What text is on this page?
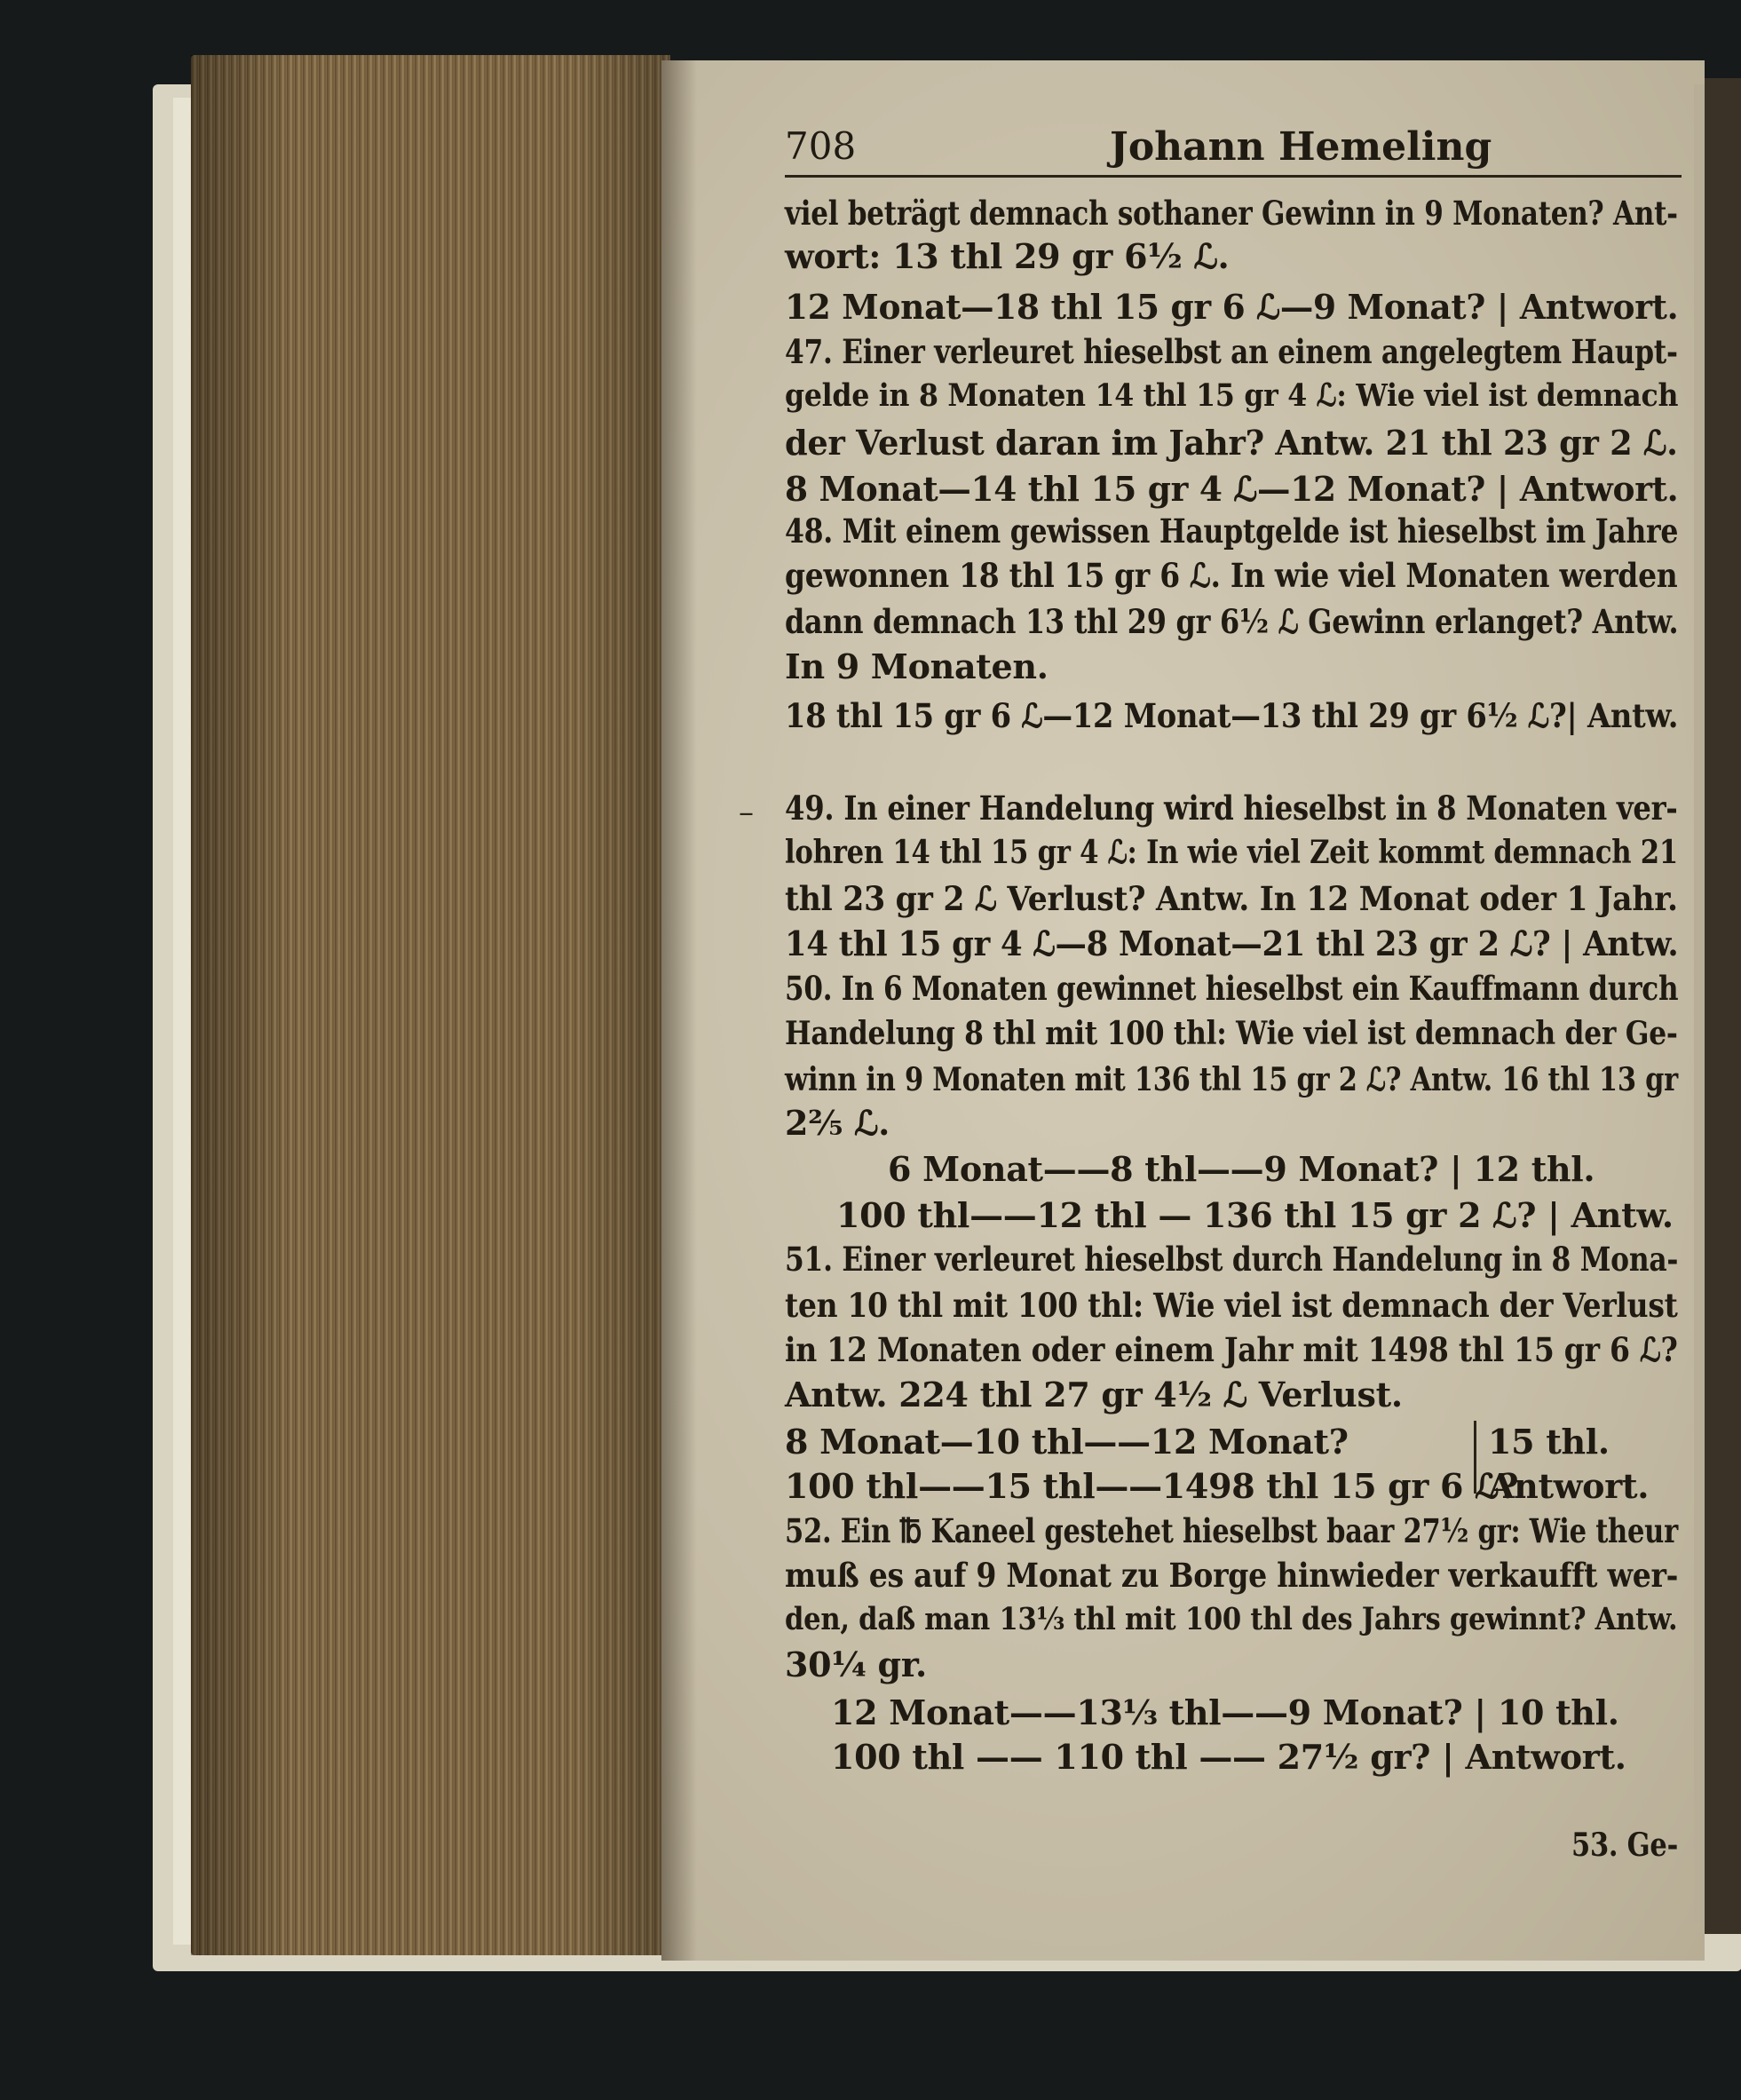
708	Johann Hemeling
viel beträgt demnach sothaner Gewinn in 9 Monaten? Ant-
wort: 13 thl 29 gr 6½ ℒ.
12 Monat—18 thl 15 gr 6 ℒ—9 Monat? | Antwort.
47. Einer verleuret hieselbst an einem angelegtem Haupt-
gelde in 8 Monaten 14 thl 15 gr 4 ℒ: Wie viel ist demnach
der Verlust daran im Jahr? Antw. 21 thl 23 gr 2 ℒ.
8 Monat—14 thl 15 gr 4 ℒ—12 Monat? | Antwort.
48. Mit einem gewissen Hauptgelde ist hieselbst im Jahre
gewonnen 18 thl 15 gr 6 ℒ. In wie viel Monaten werden
dann demnach 13 thl 29 gr 6½ ℒ Gewinn erlanget? Antw.
In 9 Monaten.
18 thl 15 gr 6 ℒ—12 Monat—13 thl 29 gr 6½ ℒ?| Antw.
– 49. In einer Handelung wird hieselbst in 8 Monaten ver-
lohren 14 thl 15 gr 4 ℒ: In wie viel Zeit kommt demnach 21
thl 23 gr 2 ℒ Verlust? Antw. In 12 Monat oder 1 Jahr.
14 thl 15 gr 4 ℒ—8 Monat—21 thl 23 gr 2 ℒ? | Antw.
50. In 6 Monaten gewinnet hieselbst ein Kauffmann durch
Handelung 8 thl mit 100 thl: Wie viel ist demnach der Ge-
winn in 9 Monaten mit 136 thl 15 gr 2 ℒ? Antw. 16 thl 13 gr
2⅖ ℒ.
6 Monat——8 thl——9 Monat? | 12 thl.
100 thl——12 thl — 136 thl 15 gr 2 ℒ? | Antw.
51. Einer verleuret hieselbst durch Handelung in 8 Mona-
ten 10 thl mit 100 thl: Wie viel ist demnach der Verlust
in 12 Monaten oder einem Jahr mit 1498 thl 15 gr 6 ℒ?
Antw. 224 thl 27 gr 4½ ℒ Verlust.
8 Monat—10 thl——12 Monat?	15 thl.
100 thl——15 thl——1498 thl 15 gr 6 ℒ?
Antwort.
52. Ein ℔ Kaneel gestehet hieselbst baar 27½ gr: Wie theur
muß es auf 9 Monat zu Borge hinwieder verkaufft wer-
den, daß man 13⅓ thl mit 100 thl des Jahrs gewinnt? Antw.
30¼ gr.
12 Monat——13⅓ thl——9 Monat? | 10 thl.
100 thl —— 110 thl —— 27½ gr? | Antwort.
53. Ge-
